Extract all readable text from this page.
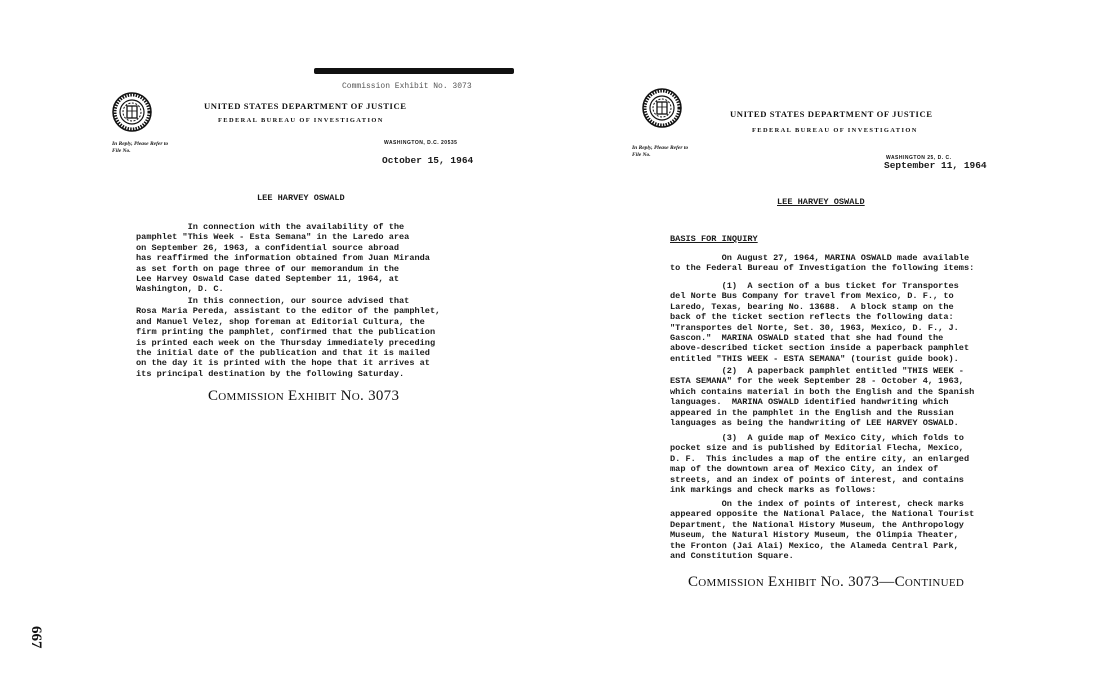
Commission Exhibit No. 3073
UNITED STATES DEPARTMENT OF JUSTICE
FEDERAL BUREAU OF INVESTIGATION
In Reply, Please Refer to
File No.
WASHINGTON, D.C. 20535
October 15, 1964
LEE HARVEY OSWALD
In connection with the availability of the
pamphlet "This Week - Esta Semana" in the Laredo area
on September 26, 1963, a confidential source abroad
has reaffirmed the information obtained from Juan Miranda
as set forth on page three of our memorandum in the
Lee Harvey Oswald Case dated September 11, 1964, at
Washington, D. C.
In this connection, our source advised that
Rosa Maria Pereda, assistant to the editor of the pamphlet,
and Manuel Velez, shop foreman at Editorial Cultura, the
firm printing the pamphlet, confirmed that the publication
is printed each week on the Thursday immediately preceding
the initial date of the publication and that it is mailed
on the day it is printed with the hope that it arrives at
its principal destination by the following Saturday.
Commission Exhibit No. 3073
UNITED STATES DEPARTMENT OF JUSTICE
FEDERAL BUREAU OF INVESTIGATION
In Reply, Please Refer to
File No.	WASHINGTON 25, D. C.
September 11, 1964
LEE HARVEY OSWALD
BASIS FOR INQUIRY
On August 27, 1964, MARINA OSWALD made available
to the Federal Bureau of Investigation the following items:
(1)  A section of a bus ticket for Transportes
del Norte Bus Company for travel from Mexico, D. F., to
Laredo, Texas, bearing No. 13688.  A block stamp on the
back of the ticket section reflects the following data:
"Transportes del Norte, Set. 30, 1963, Mexico, D. F., J.
Gascon."  MARINA OSWALD stated that she had found the
above-described ticket section inside a paperback pamphlet
entitled "THIS WEEK - ESTA SEMANA" (tourist guide book).
(2)  A paperback pamphlet entitled "THIS WEEK -
ESTA SEMANA" for the week September 28 - October 4, 1963,
which contains material in both the English and the Spanish
languages.  MARINA OSWALD identified handwriting which
appeared in the pamphlet in the English and the Russian
languages as being the handwriting of LEE HARVEY OSWALD.
(3)  A guide map of Mexico City, which folds to
pocket size and is published by Editorial Flecha, Mexico,
D. F.  This includes a map of the entire city, an enlarged
map of the downtown area of Mexico City, an index of
streets, and an index of points of interest, and contains
ink markings and check marks as follows:
On the index of points of interest, check marks
appeared opposite the National Palace, the National Tourist
Department, the National History Museum, the Anthropology
Museum, the Natural History Museum, the Olimpia Theater,
the Fronton (Jai Alai) Mexico, the Alameda Central Park,
and Constitution Square.
Commission Exhibit No. 3073—Continued
667
